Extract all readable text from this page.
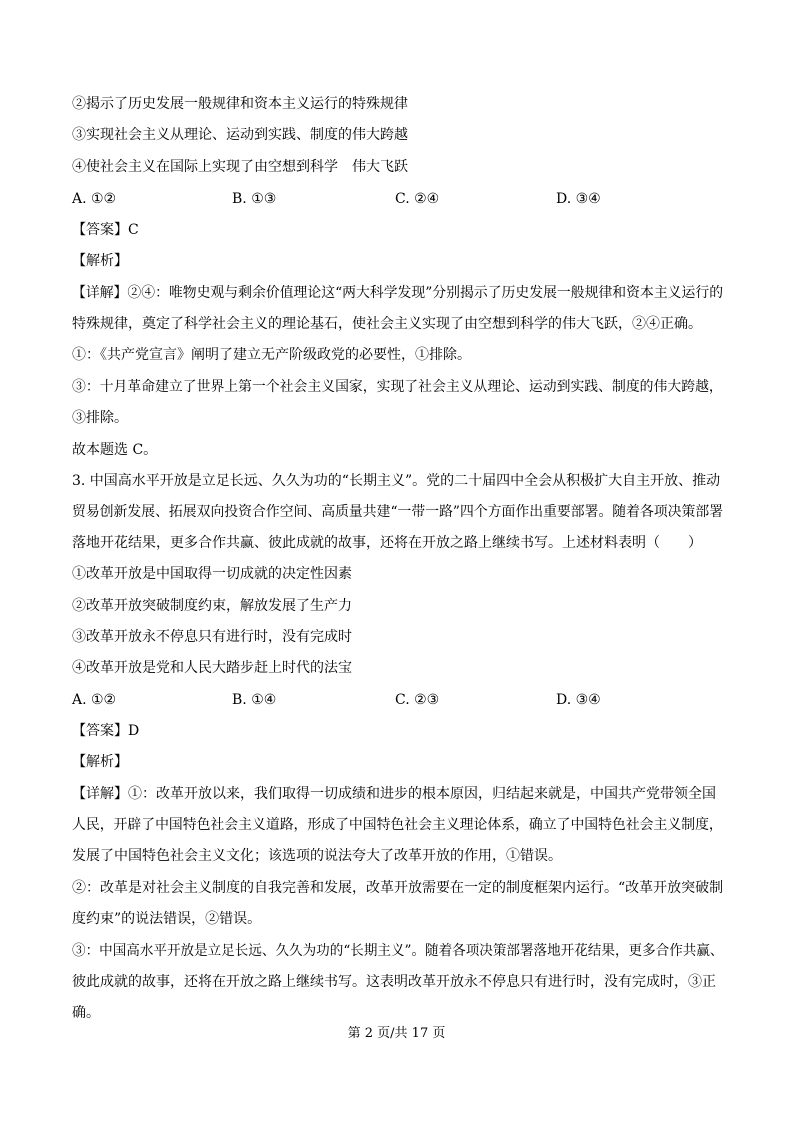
②揭示了历史发展一般规律和资本主义运行的特殊规律
③实现社会主义从理论、运动到实践、制度的伟大跨越
④使社会主义在国际上实现了由空想到科学　伟大飞跃
A. ①②	B. ①③	C. ②④	D. ③④
【答案】C
【解析】
【详解】②④：唯物史观与剩余价值理论这“两大科学发现”分别揭示了历史发展一般规律和资本主义运行的
特殊规律，奠定了科学社会主义的理论基石，使社会主义实现了由空想到科学的伟大飞跃，②④正确。
①：《共产党宣言》阐明了建立无产阶级政党的必要性，①排除。
③：十月革命建立了世界上第一个社会主义国家，实现了社会主义从理论、运动到实践、制度的伟大跨越，
③排除。
故本题选 C。
3. 中国高水平开放是立足长远、久久为功的“长期主义”。党的二十届四中全会从积极扩大自主开放、推动
贸易创新发展、拓展双向投资合作空间、高质量共建“一带一路”四个方面作出重要部署。随着各项决策部署
落地开花结果，更多合作共赢、彼此成就的故事，还将在开放之路上继续书写。上述材料表明（　　）
①改革开放是中国取得一切成就的决定性因素
②改革开放突破制度约束，解放发展了生产力
③改革开放永不停息只有进行时，没有完成时
④改革开放是党和人民大踏步赶上时代的法宝
A. ①②	B. ①④	C. ②③	D. ③④
【答案】D
【解析】
【详解】①：改革开放以来，我们取得一切成绩和进步的根本原因，归结起来就是，中国共产党带领全国
人民，开辟了中国特色社会主义道路，形成了中国特色社会主义理论体系，确立了中国特色社会主义制度，
发展了中国特色社会主义文化；该选项的说法夸大了改革开放的作用，①错误。
②：改革是对社会主义制度的自我完善和发展，改革开放需要在一定的制度框架内运行。“改革开放突破制
度约束”的说法错误，②错误。
③：中国高水平开放是立足长远、久久为功的“长期主义”。随着各项决策部署落地开花结果，更多合作共赢、
彼此成就的故事，还将在开放之路上继续书写。这表明改革开放永不停息只有进行时，没有完成时，③正
确。
第 2 页/共 17 页
